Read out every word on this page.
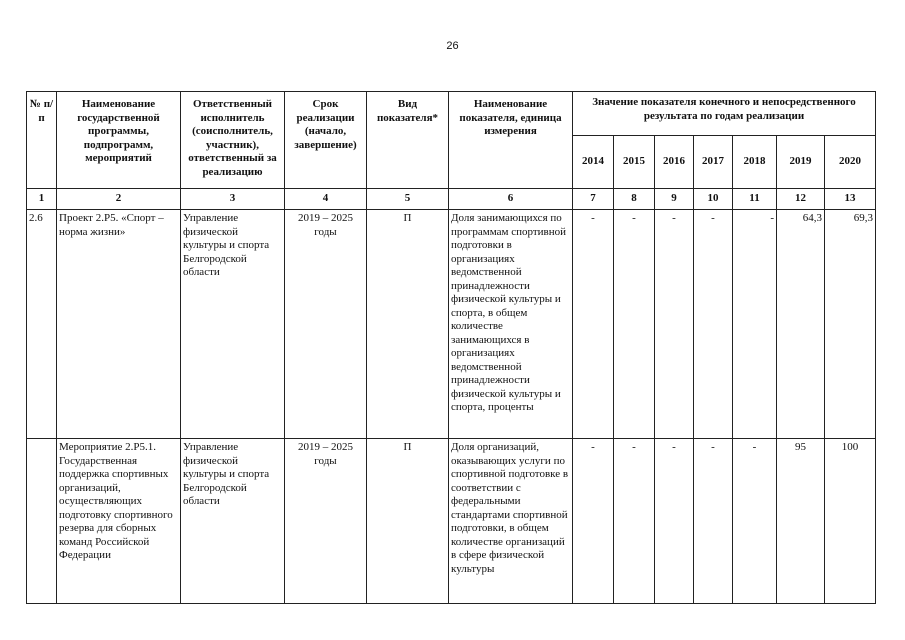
26
№ п/п	Наименование государственной программы, подпрограмм, мероприятий	Ответственный исполнитель (соисполнитель, участник), ответственный за реализацию	Срок реализации (начало, завершение)	Вид показателя*	Наименование показателя, единица измерения	Значение показателя конечного и непосредственного результата по годам реализации						
						2014	2015	2016	2017	2018	2019	2020
1	2	3	4	5	6	7	8	9	10	11	12	13
2.6	Проект 2.Р5. «Спорт – норма жизни»	Управление физической культуры и спорта Белгородской области	2019 – 2025 годы	П	Доля занимающихся по программам спортивной подготовки в организациях ведомственной принадлежности физической культуры и спорта, в общем количестве занимающихся в организациях ведомственной принадлежности физической культуры и спорта, проценты	-	-	-	-	-	64,3	69,3
	Мероприятие 2.Р5.1. Государственная поддержка спортивных организаций, осуществляющих подготовку спортивного резерва для сборных команд Российской Федерации	Управление физической культуры и спорта Белгородской области	2019 – 2025 годы	П	Доля организаций, оказывающих услуги по спортивной подготовке в соответствии с федеральными стандартами спортивной подготовки, в общем количестве организаций в сфере физической культуры	-	-	-	-	-	95	100
